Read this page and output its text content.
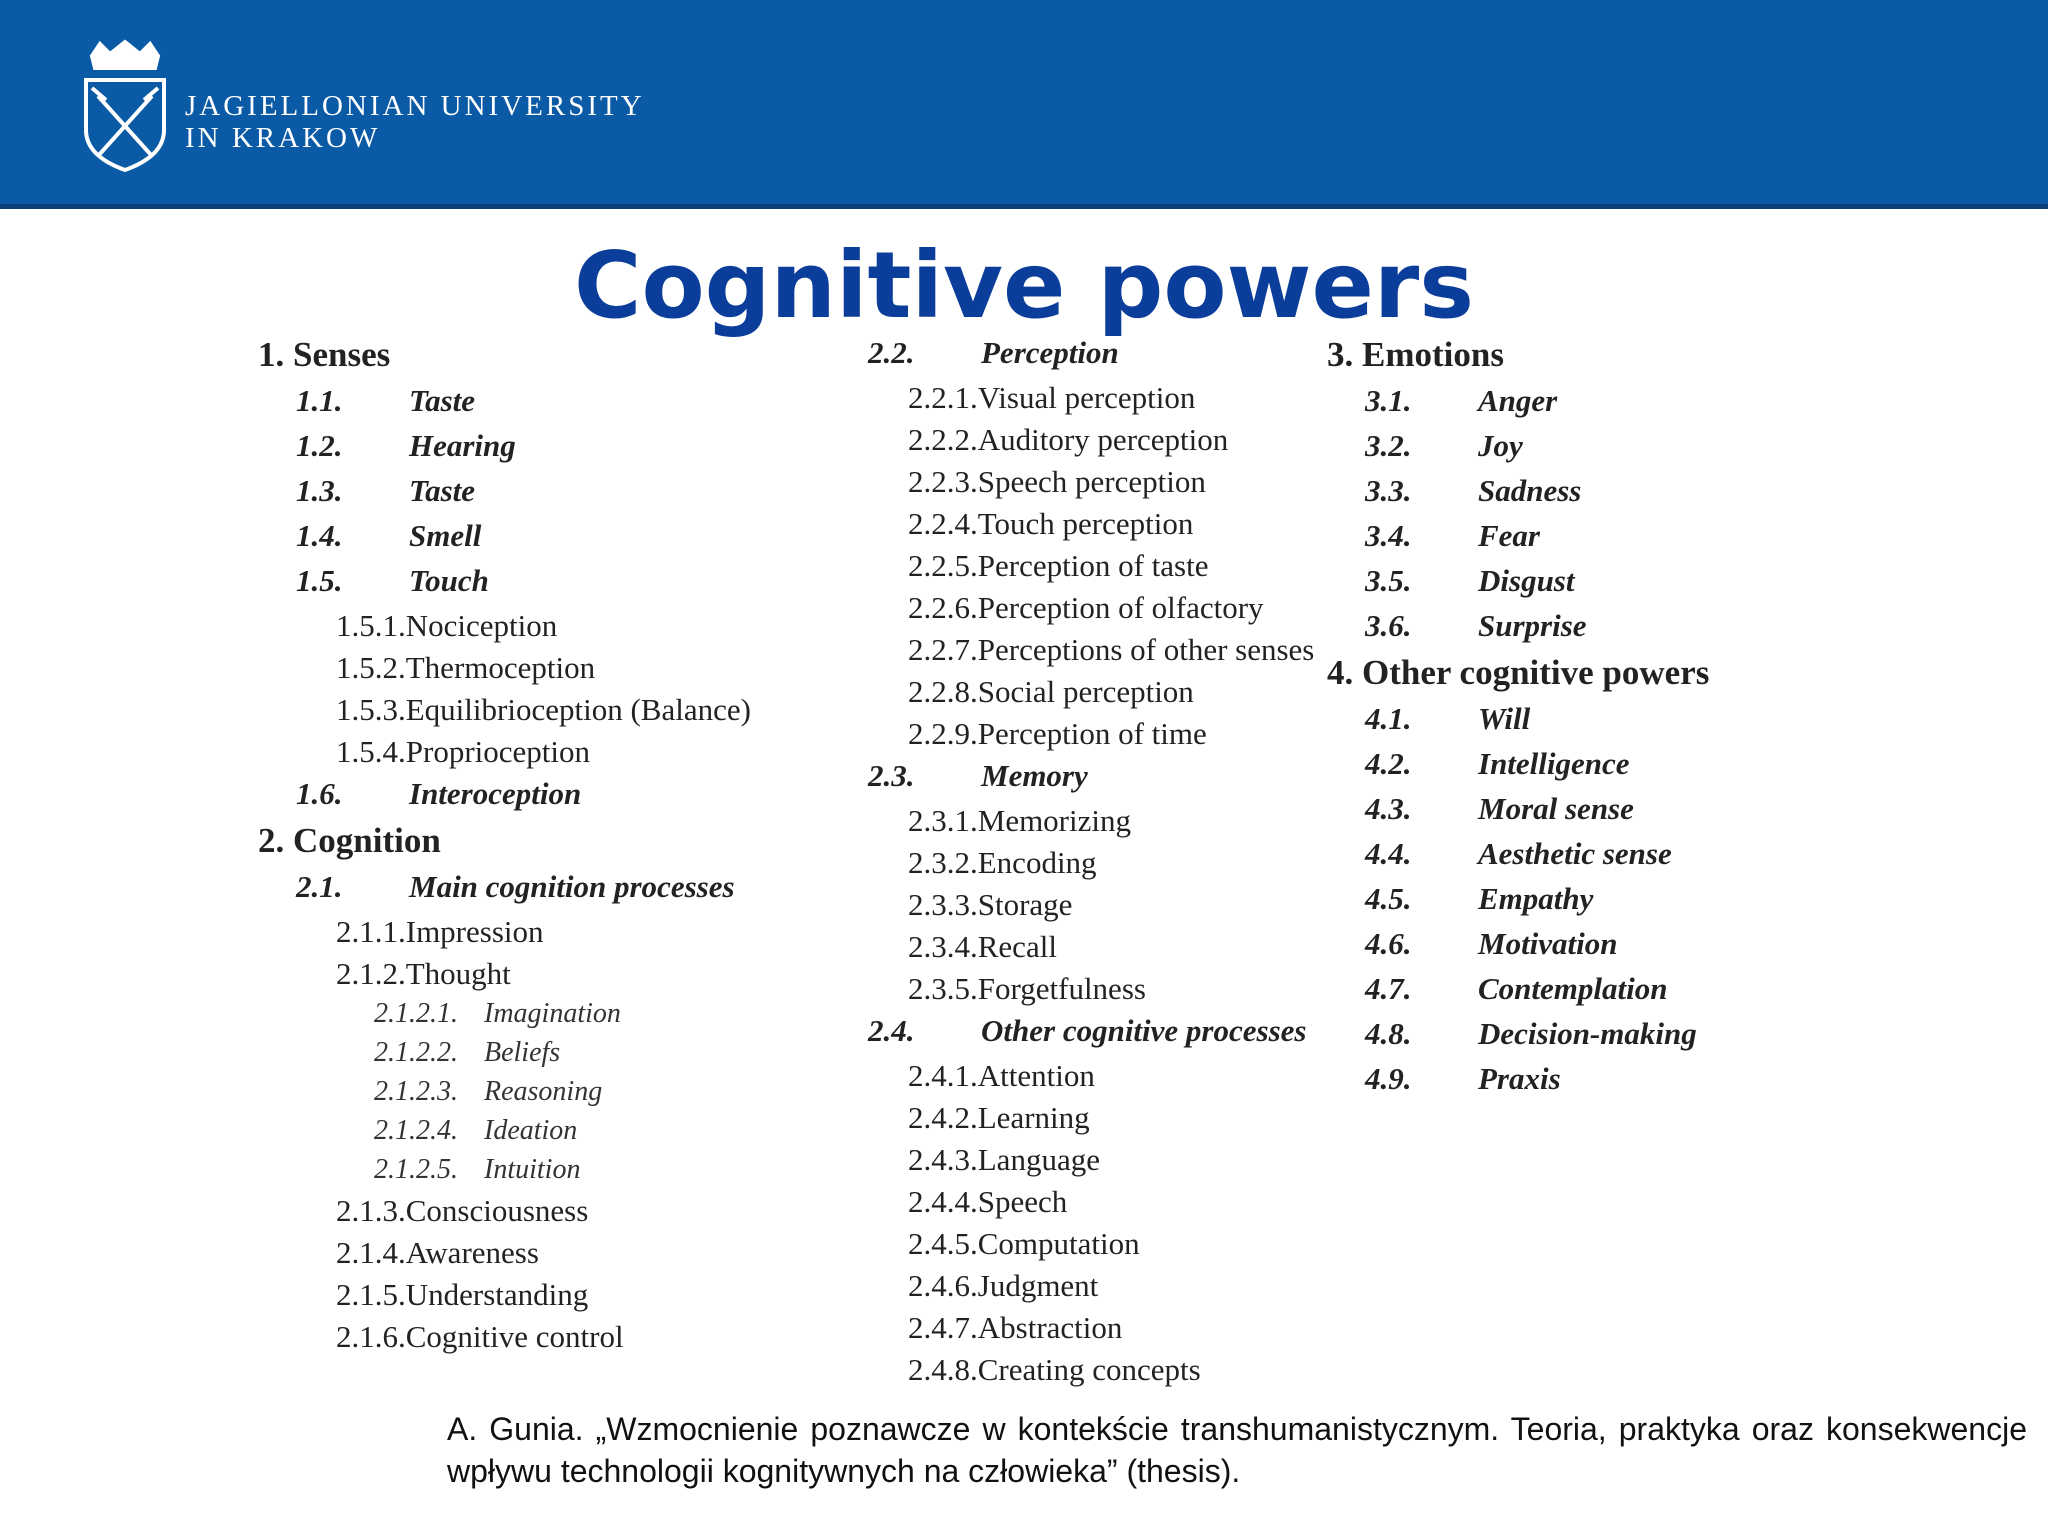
JAGIELLONIAN UNIVERSITY
IN KRAKOW
Cognitive powers
1. Senses
1.1. Taste
1.2. Hearing
1.3. Taste
1.4. Smell
1.5. Touch
1.5.1.Nociception
1.5.2.Thermoception
1.5.3.Equilibrioception (Balance)
1.5.4.Proprioception
1.6. Interoception
2. Cognition
2.1. Main cognition processes
2.1.1.Impression
2.1.2.Thought
2.1.2.1. Imagination
2.1.2.2. Beliefs
2.1.2.3. Reasoning
2.1.2.4. Ideation
2.1.2.5. Intuition
2.1.3.Consciousness
2.1.4.Awareness
2.1.5.Understanding
2.1.6.Cognitive control
2.2. Perception
2.2.1.Visual perception
2.2.2.Auditory perception
2.2.3.Speech perception
2.2.4.Touch perception
2.2.5.Perception of taste
2.2.6.Perception of olfactory
2.2.7.Perceptions of other senses
2.2.8.Social perception
2.2.9.Perception of time
2.3. Memory
2.3.1.Memorizing
2.3.2.Encoding
2.3.3.Storage
2.3.4.Recall
2.3.5.Forgetfulness
2.4. Other cognitive processes
2.4.1.Attention
2.4.2.Learning
2.4.3.Language
2.4.4.Speech
2.4.5.Computation
2.4.6.Judgment
2.4.7.Abstraction
2.4.8.Creating concepts
3. Emotions
3.1. Anger
3.2. Joy
3.3. Sadness
3.4. Fear
3.5. Disgust
3.6. Surprise
4. Other cognitive powers
4.1. Will
4.2. Intelligence
4.3. Moral sense
4.4. Aesthetic sense
4.5. Empathy
4.6. Motivation
4.7. Contemplation
4.8. Decision-making
4.9. Praxis
A. Gunia. „Wzmocnienie poznawcze w kontekście transhumanistycznym. Teoria, praktyka oraz konsekwencje wpływu technologii kognitywnych na człowieka” (thesis).
